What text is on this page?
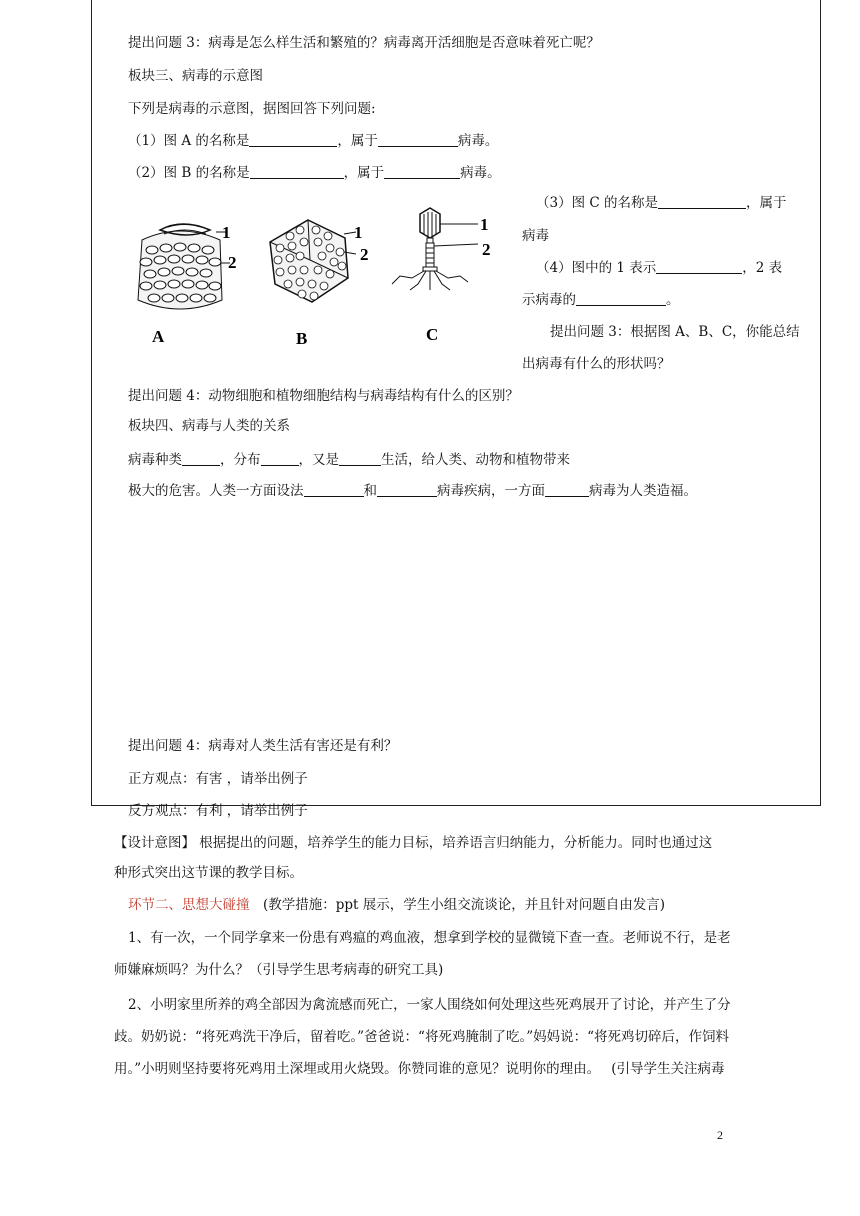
提出问题 3：病毒是怎么样生活和繁殖的？病毒离开活细胞是否意味着死亡呢？
板块三、病毒的示意图
下列是病毒的示意图，据图回答下列问题:
（1）图 A 的名称是	，属于	病毒。
（2）图 B 的名称是	，属于	病毒。
1
2
1
2
1
2
A	B	C
（3）图 C 的名称是	，属于
病毒
（4）图中的 1 表示	，2 表
示病毒的	。
提出问题 3：根据图 A、B、C，你能总结
出病毒有什么的形状吗？
提出问题 4：动物细胞和植物细胞结构与病毒结构有什么的区别？
板块四、病毒与人类的关系
病毒种类	，分布	，又是	生活，给人类、动物和植物带来
极大的危害。人类一方面设法	和	病毒疾病，一方面	病毒为人类造福。
提出问题 4：病毒对人类生活有害还是有利？
正方观点：有害 ，请举出例子
反方观点：有利 ，请举出例子
【设计意图】 根据提出的问题，培养学生的能力目标，培养语言归纳能力，分析能力。同时也通过这
种形式突出这节课的教学目标。
环节二、思想大碰撞　(教学措施：ppt 展示，学生小组交流谈论，并且针对问题自由发言)
1、有一次，一个同学拿来一份患有鸡瘟的鸡血液，想拿到学校的显微镜下查一查。老师说不行，是老
师嫌麻烦吗？为什么？（引导学生思考病毒的研究工具)
2、小明家里所养的鸡全部因为禽流感而死亡，一家人围绕如何处理这些死鸡展开了讨论，并产生了分
歧。奶奶说：“将死鸡洗干净后，留着吃。”爸爸说：“将死鸡腌制了吃。”妈妈说：“将死鸡切碎后，作饲料
用。”小明则坚持要将死鸡用土深埋或用火烧毁。你赞同谁的意见？说明你的理由。　 (引导学生关注病毒
2
